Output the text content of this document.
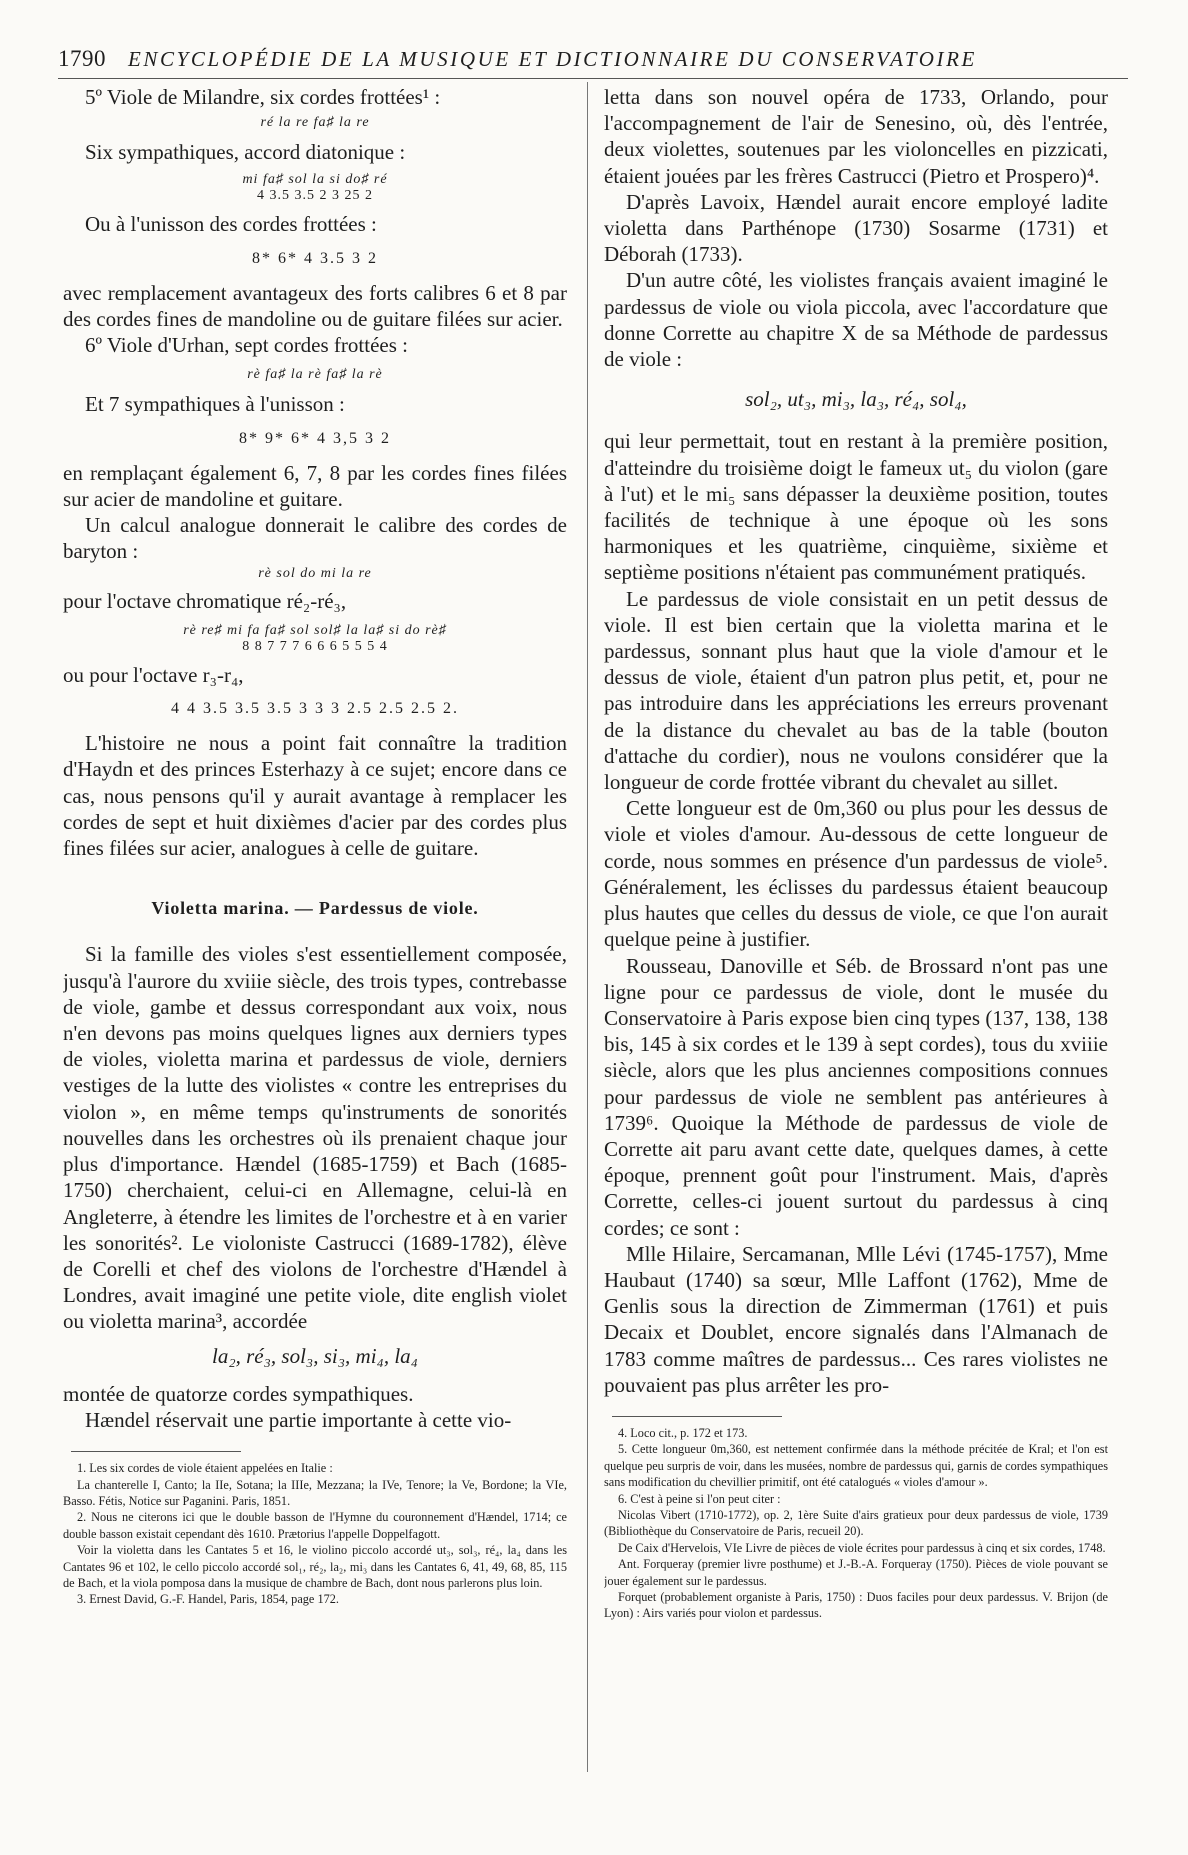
1790 ENCYCLOPÉDIE DE LA MUSIQUE ET DICTIONNAIRE DU CONSERVATOIRE

5º Viole de Milandre, six cordes frottées¹ :

ré la re fa♯ la re

Six sympathiques, accord diatonique :

mi fa♯ sol la si do♯ ré

4 3.5 3.5 2 3 25 2

Ou à l'unisson des cordes frottées :

8* 6* 4 3.5 3 2

avec remplacement avantageux des forts calibres 6 et 8 par des cordes fines de mandoline ou de guitare filées sur acier.

6º Viole d'Urhan, sept cordes frottées :

rè fa♯ la rè fa♯ la rè

Et 7 sympathiques à l'unisson :

8* 9* 6* 4 3,5 3 2

en remplaçant également 6, 7, 8 par les cordes fines filées sur acier de mandoline et guitare.

Un calcul analogue donnerait le calibre des cordes de baryton :

rè sol do mi la re

pour l'octave chromatique ré₂-ré₃,

rè re♯ mi fa fa♯ sol sol♯ la la♯ si do rè♯

8 8 7 7 7 6 6 6 5 5 5 4

ou pour l'octave r₃-r₄,

4 4 3.5 3.5 3.5 3 3 3 2.5 2.5 2.5 2.

L'histoire ne nous a point fait connaître la tradition d'Haydn et des princes Esterhazy à ce sujet; encore dans ce cas, nous pensons qu'il y aurait avantage à remplacer les cordes de sept et huit dixièmes d'acier par des cordes plus fines filées sur acier, analogues à celle de guitare.

Violetta marina. — Pardessus de viole.

Si la famille des violes s'est essentiellement composée, jusqu'à l'aurore du xviiie siècle, des trois types, contrebasse de viole, gambe et dessus correspondant aux voix, nous n'en devons pas moins quelques lignes aux derniers types de violes, violetta marina et pardessus de viole, derniers vestiges de la lutte des violistes « contre les entreprises du violon », en même temps qu'instruments de sonorités nouvelles dans les orchestres où ils prenaient chaque jour plus d'importance. Hændel (1685-1759) et Bach (1685-1750) cherchaient, celui-ci en Allemagne, celui-là en Angleterre, à étendre les limites de l'orchestre et à en varier les sonorités². Le violoniste Castrucci (1689-1782), élève de Corelli et chef des violons de l'orchestre d'Hændel à Londres, avait imaginé une petite viole, dite english violet ou violetta marina³, accordée

la₂, ré₃, sol₃, si₃, mi₄, la₄

montée de quatorze cordes sympathiques.

Hændel réservait une partie importante à cette vio-

1. Les six cordes de viole étaient appelées en Italie :

La chanterelle I, Canto; la IIe, Sotana; la IIIe, Mezzana; la IVe, Tenore; la Ve, Bordone; la VIe, Basso. Fétis, Notice sur Paganini. Paris, 1851.

2. Nous ne citerons ici que le double basson de l'Hymne du couronnement d'Hændel, 1714; ce double basson existait cependant dès 1610. Prætorius l'appelle Doppelfagott.

Voir la violetta dans les Cantates 5 et 16, le violino piccolo accordé ut₃, sol₃, ré₄, la₄ dans les Cantates 96 et 102, le cello piccolo accordé sol₁, ré₂, la₂, mi₃ dans les Cantates 6, 41, 49, 68, 85, 115 de Bach, et la viola pomposa dans la musique de chambre de Bach, dont nous parlerons plus loin.

3. Ernest David, G.-F. Handel, Paris, 1854, page 172.

letta dans son nouvel opéra de 1733, Orlando, pour l'accompagnement de l'air de Senesino, où, dès l'entrée, deux violettes, soutenues par les violoncelles en pizzicati, étaient jouées par les frères Castrucci (Pietro et Prospero)⁴.

D'après Lavoix, Hændel aurait encore employé ladite violetta dans Parthénope (1730) Sosarme (1731) et Déborah (1733).

D'un autre côté, les violistes français avaient imaginé le pardessus de viole ou viola piccola, avec l'accordature que donne Corrette au chapitre X de sa Méthode de pardessus de viole :

sol₂, ut₃, mi₃, la₃, ré₄, sol₄,

qui leur permettait, tout en restant à la première position, d'atteindre du troisième doigt le fameux ut₅ du violon (gare à l'ut) et le mi₅ sans dépasser la deuxième position, toutes facilités de technique à une époque où les sons harmoniques et les quatrième, cinquième, sixième et septième positions n'étaient pas communément pratiqués.

Le pardessus de viole consistait en un petit dessus de viole. Il est bien certain que la violetta marina et le pardessus, sonnant plus haut que la viole d'amour et le dessus de viole, étaient d'un patron plus petit, et, pour ne pas introduire dans les appréciations les erreurs provenant de la distance du chevalet au bas de la table (bouton d'attache du cordier), nous ne voulons considérer que la longueur de corde frottée vibrant du chevalet au sillet.

Cette longueur est de 0m,360 ou plus pour les dessus de viole et violes d'amour. Au-dessous de cette longueur de corde, nous sommes en présence d'un pardessus de viole⁵. Généralement, les éclisses du pardessus étaient beaucoup plus hautes que celles du dessus de viole, ce que l'on aurait quelque peine à justifier.

Rousseau, Danoville et Séb. de Brossard n'ont pas une ligne pour ce pardessus de viole, dont le musée du Conservatoire à Paris expose bien cinq types (137, 138, 138 bis, 145 à six cordes et le 139 à sept cordes), tous du xviiie siècle, alors que les plus anciennes compositions connues pour pardessus de viole ne semblent pas antérieures à 1739⁶. Quoique la Méthode de pardessus de viole de Corrette ait paru avant cette date, quelques dames, à cette époque, prennent goût pour l'instrument. Mais, d'après Corrette, celles-ci jouent surtout du pardessus à cinq cordes; ce sont :

Mlle Hilaire, Sercamanan, Mlle Lévi (1745-1757), Mme Haubaut (1740) sa sœur, Mlle Laffont (1762), Mme de Genlis sous la direction de Zimmerman (1761) et puis Decaix et Doublet, encore signalés dans l'Almanach de 1783 comme maîtres de pardessus... Ces rares violistes ne pouvaient pas plus arrêter les pro-

4. Loco cit., p. 172 et 173.

5. Cette longueur 0m,360, est nettement confirmée dans la méthode précitée de Kral; et l'on est quelque peu surpris de voir, dans les musées, nombre de pardessus qui, garnis de cordes sympathiques sans modification du chevillier primitif, ont été catalogués « violes d'amour ».

6. C'est à peine si l'on peut citer :

Nicolas Vibert (1710-1772), op. 2, 1ère Suite d'airs gratieux pour deux pardessus de viole, 1739 (Bibliothèque du Conservatoire de Paris, recueil 20).

De Caix d'Hervelois, VIe Livre de pièces de viole écrites pour pardessus à cinq et six cordes, 1748.

Ant. Forqueray (premier livre posthume) et J.-B.-A. Forqueray (1750). Pièces de viole pouvant se jouer également sur le pardessus.

Forquet (probablement organiste à Paris, 1750) : Duos faciles pour deux pardessus. V. Brijon (de Lyon) : Airs variés pour violon et pardessus.
